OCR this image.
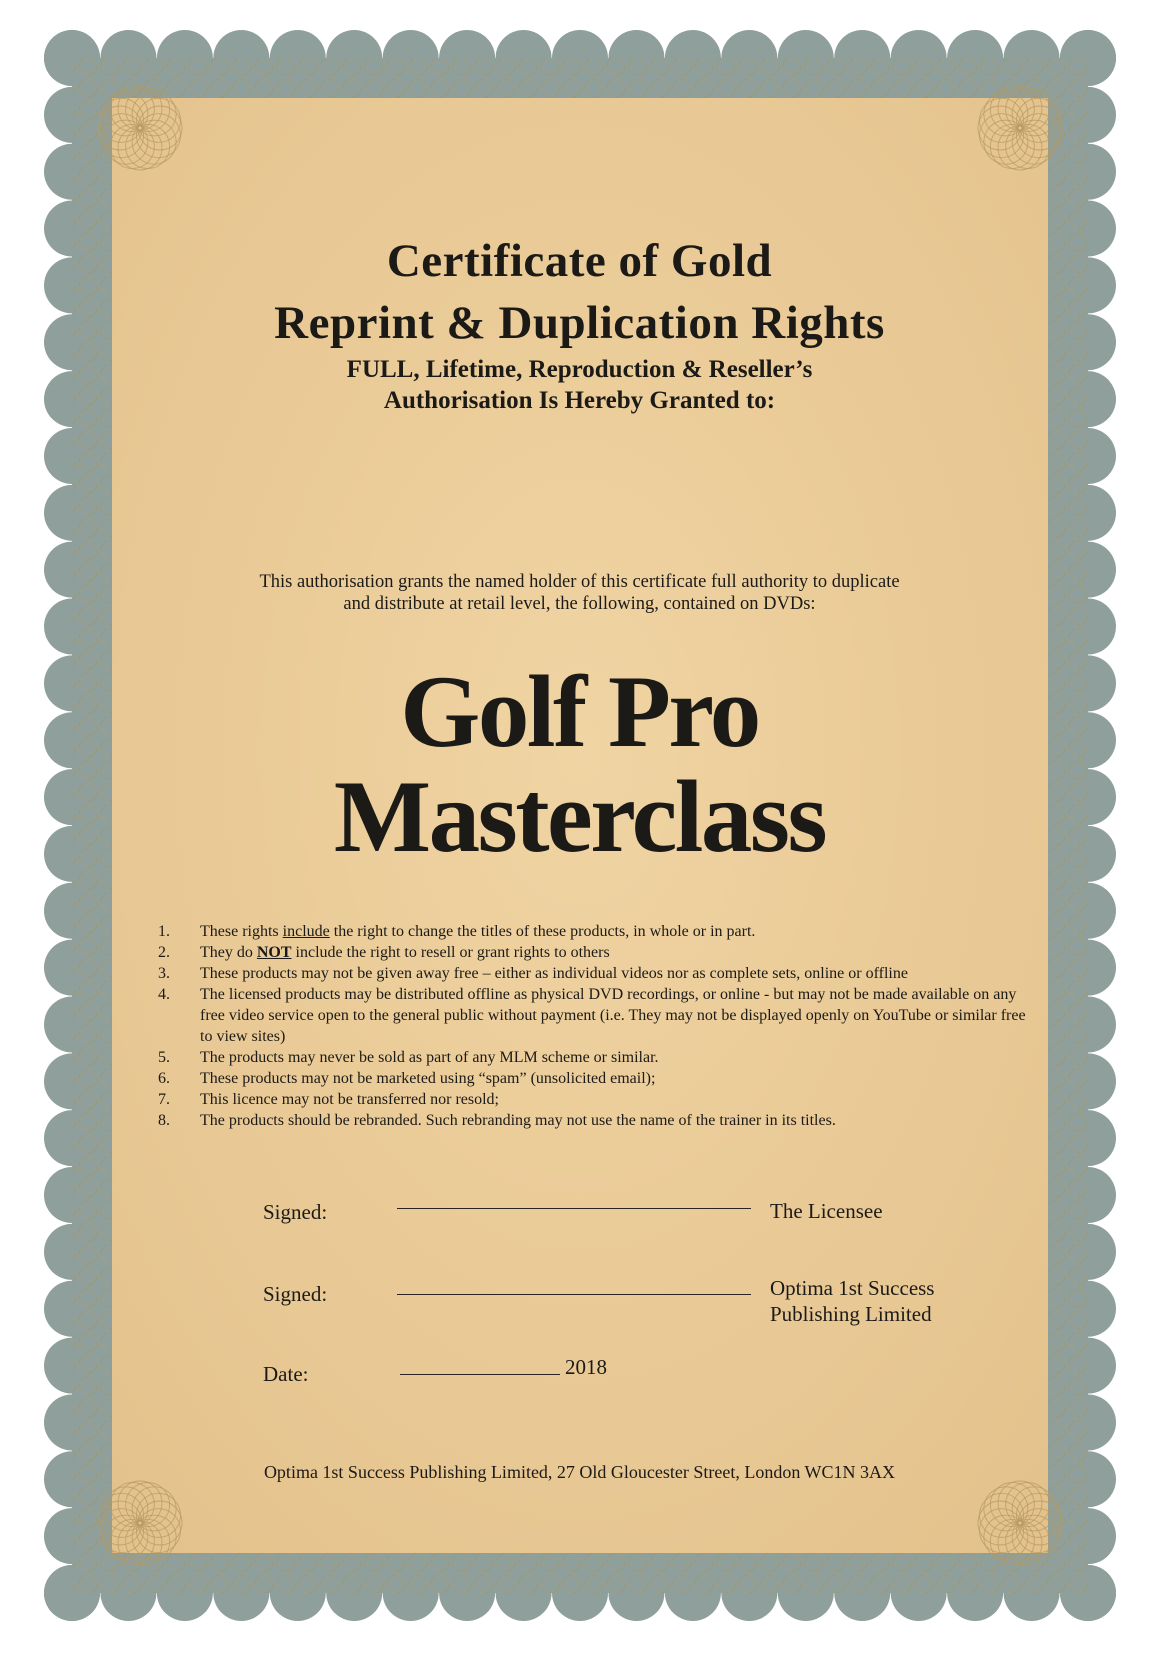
Certificate of Gold
Reprint & Duplication Rights
FULL, Lifetime, Reproduction & Reseller’s
Authorisation Is Hereby Granted to:
This authorisation grants the named holder of this certificate full authority to duplicate
and distribute at retail level, the following, contained on DVDs:
Golf Pro
Masterclass
1.	These rights include the right to change the titles of these products, in whole or in part.
2.	They do NOT include the right to resell or grant rights to others
3.	These products may not be given away free – either as individual videos nor as complete sets, online or offline
4.	The licensed products may be distributed offline as physical DVD recordings, or online - but may not be made available on any free video service open to the general public without payment (i.e. They may not be displayed openly on YouTube or similar free to view sites)
5.	The products may never be sold as part of any MLM scheme or similar.
6.	These products may not be marketed using “spam” (unsolicited email);
7.	This licence may not be transferred nor resold;
8.	The products should be rebranded. Such rebranding may not use the name of the trainer in its titles.
Signed:	The Licensee
Signed:	Optima 1st Success
Publishing Limited
Date:	2018
Optima 1st Success Publishing Limited, 27 Old Gloucester Street, London WC1N 3AX
